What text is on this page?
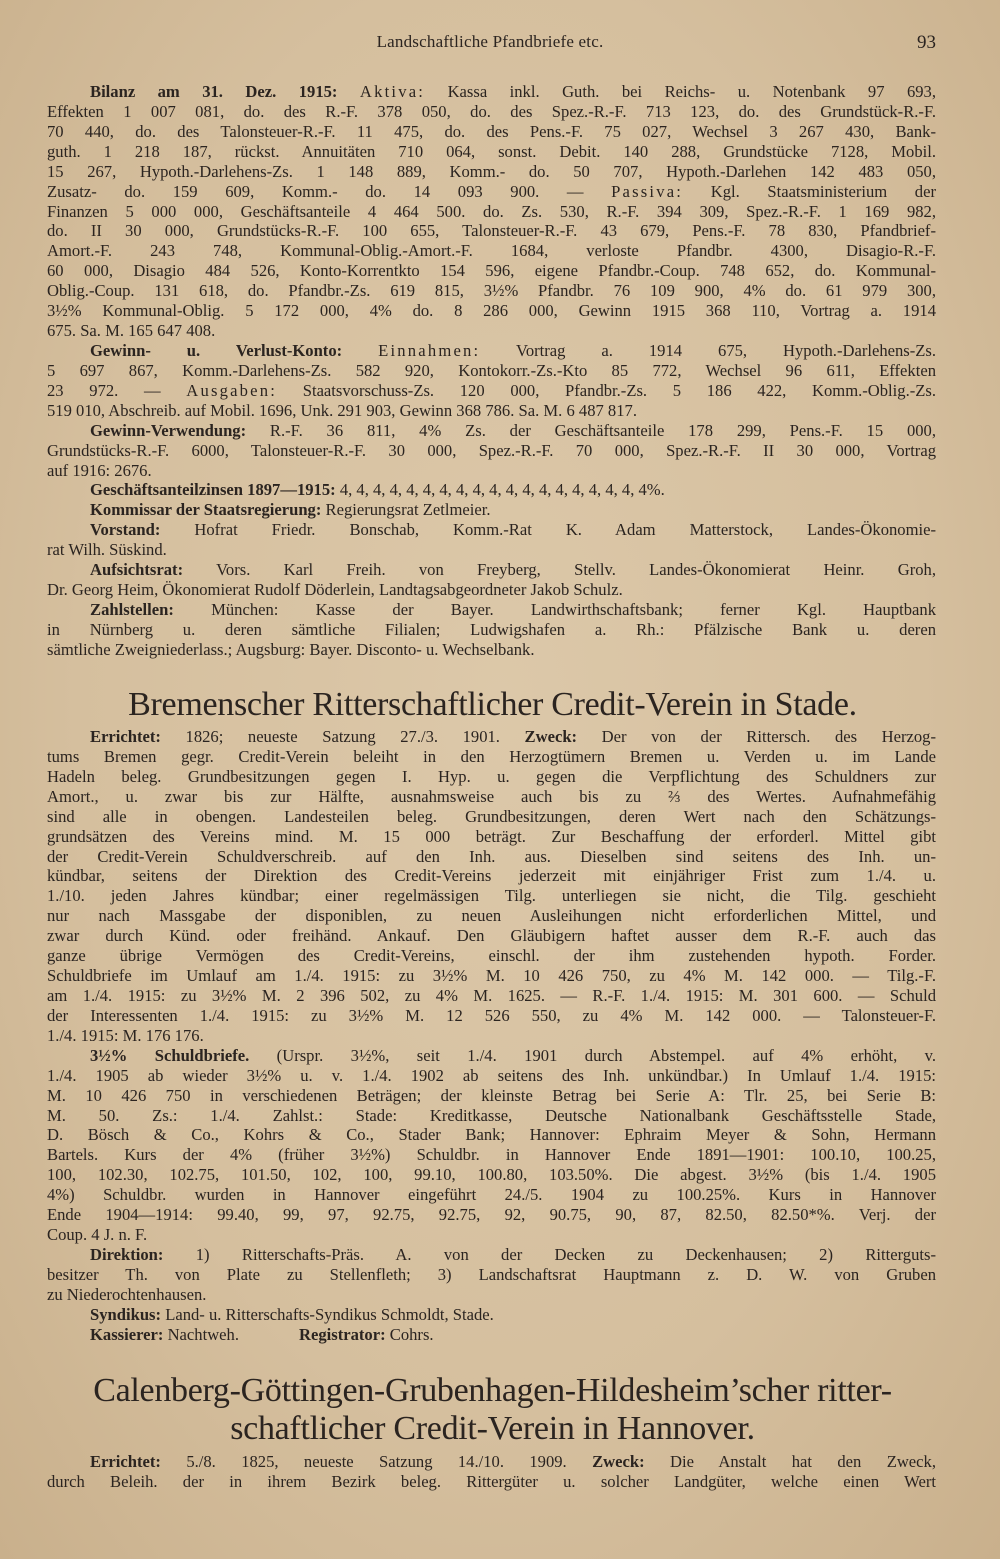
Landschaftliche Pfandbriefe etc.	93
Bilanz am 31. Dez. 1915: Aktiva: Kassa inkl. Guth. bei Reichs- u. Notenbank 97 693,
Effekten 1 007 081, do. des R.-F. 378 050, do. des Spez.-R.-F. 713 123, do. des Grundstück-R.-F.
70 440, do. des Talonsteuer-R.-F. 11 475, do. des Pens.-F. 75 027, Wechsel 3 267 430, Bank-
guth. 1 218 187, rückst. Annuitäten 710 064, sonst. Debit. 140 288, Grundstücke 7128, Mobil.
15 267, Hypoth.-Darlehens-Zs. 1 148 889, Komm.- do. 50 707, Hypoth.-Darlehen 142 483 050,
Zusatz- do. 159 609, Komm.- do. 14 093 900. — Passiva: Kgl. Staatsministerium der
Finanzen 5 000 000, Geschäftsanteile 4 464 500. do. Zs. 530, R.-F. 394 309, Spez.-R.-F. 1 169 982,
do. II 30 000, Grundstücks-R.-F. 100 655, Talonsteuer-R.-F. 43 679, Pens.-F. 78 830, Pfandbrief-
Amort.-F. 243 748, Kommunal-Oblig.-Amort.-F. 1684, verloste Pfandbr. 4300, Disagio-R.-F.
60 000, Disagio 484 526, Konto-Korrentkto 154 596, eigene Pfandbr.-Coup. 748 652, do. Kommunal-
Oblig.-Coup. 131 618, do. Pfandbr.-Zs. 619 815, 3½% Pfandbr. 76 109 900, 4% do. 61 979 300,
3½% Kommunal-Oblig. 5 172 000, 4% do. 8 286 000, Gewinn 1915 368 110, Vortrag a. 1914
675. Sa. M. 165 647 408.
Gewinn- u. Verlust-Konto: Einnahmen: Vortrag a. 1914 675, Hypoth.-Darlehens-Zs.
5 697 867, Komm.-Darlehens-Zs. 582 920, Kontokorr.-Zs.-Kto 85 772, Wechsel 96 611, Effekten
23 972. — Ausgaben: Staatsvorschuss-Zs. 120 000, Pfandbr.-Zs. 5 186 422, Komm.-Oblig.-Zs.
519 010, Abschreib. auf Mobil. 1696, Unk. 291 903, Gewinn 368 786. Sa. M. 6 487 817.
Gewinn-Verwendung: R.-F. 36 811, 4% Zs. der Geschäftsanteile 178 299, Pens.-F. 15 000,
Grundstücks-R.-F. 6000, Talonsteuer-R.-F. 30 000, Spez.-R.-F. 70 000, Spez.-R.-F. II 30 000, Vortrag
auf 1916: 2676.
Geschäftsanteilzinsen 1897—1915: 4, 4, 4, 4, 4, 4, 4, 4, 4, 4, 4, 4, 4, 4, 4, 4, 4, 4, 4%.
Kommissar der Staatsregierung: Regierungsrat Zetlmeier.
Vorstand: Hofrat Friedr. Bonschab, Komm.-Rat K. Adam Matterstock, Landes-Ökonomie-
rat Wilh. Süskind.
Aufsichtsrat: Vors. Karl Freih. von Freyberg, Stellv. Landes-Ökonomierat Heinr. Groh,
Dr. Georg Heim, Ökonomierat Rudolf Döderlein, Landtagsabgeordneter Jakob Schulz.
Zahlstellen: München: Kasse der Bayer. Landwirthschaftsbank; ferner Kgl. Hauptbank
in Nürnberg u. deren sämtliche Filialen; Ludwigshafen a. Rh.: Pfälzische Bank u. deren
sämtliche Zweigniederlass.; Augsburg: Bayer. Disconto- u. Wechselbank.
Bremenscher Ritterschaftlicher Credit-Verein in Stade.
Errichtet: 1826; neueste Satzung 27./3. 1901. Zweck: Der von der Rittersch. des Herzog-
tums Bremen gegr. Credit-Verein beleiht in den Herzogtümern Bremen u. Verden u. im Lande
Hadeln beleg. Grundbesitzungen gegen I. Hyp. u. gegen die Verpflichtung des Schuldners zur
Amort., u. zwar bis zur Hälfte, ausnahmsweise auch bis zu ⅔ des Wertes. Aufnahmefähig
sind alle in obengen. Landesteilen beleg. Grundbesitzungen, deren Wert nach den Schätzungs-
grundsätzen des Vereins mind. M. 15 000 beträgt. Zur Beschaffung der erforderl. Mittel gibt
der Credit-Verein Schuldverschreib. auf den Inh. aus. Dieselben sind seitens des Inh. un-
kündbar, seitens der Direktion des Credit-Vereins jederzeit mit einjähriger Frist zum 1./4. u.
1./10. jeden Jahres kündbar; einer regelmässigen Tilg. unterliegen sie nicht, die Tilg. geschieht
nur nach Massgabe der disponiblen, zu neuen Ausleihungen nicht erforderlichen Mittel, und
zwar durch Künd. oder freihänd. Ankauf. Den Gläubigern haftet ausser dem R.-F. auch das
ganze übrige Vermögen des Credit-Vereins, einschl. der ihm zustehenden hypoth. Forder.
Schuldbriefe im Umlauf am 1./4. 1915: zu 3½% M. 10 426 750, zu 4% M. 142 000. — Tilg.-F.
am 1./4. 1915: zu 3½% M. 2 396 502, zu 4% M. 1625. — R.-F. 1./4. 1915: M. 301 600. — Schuld
der Interessenten 1./4. 1915: zu 3½% M. 12 526 550, zu 4% M. 142 000. — Talonsteuer-F.
1./4. 1915: M. 176 176.
3½% Schuldbriefe. (Urspr. 3½%, seit 1./4. 1901 durch Abstempel. auf 4% erhöht, v.
1./4. 1905 ab wieder 3½% u. v. 1./4. 1902 ab seitens des Inh. unkündbar.) In Umlauf 1./4. 1915:
M. 10 426 750 in verschiedenen Beträgen; der kleinste Betrag bei Serie A: Tlr. 25, bei Serie B:
M. 50. Zs.: 1./4. Zahlst.: Stade: Kreditkasse, Deutsche Nationalbank Geschäftsstelle Stade,
D. Bösch & Co., Kohrs & Co., Stader Bank; Hannover: Ephraim Meyer & Sohn, Hermann
Bartels. Kurs der 4% (früher 3½%) Schuldbr. in Hannover Ende 1891—1901: 100.10, 100.25,
100, 102.30, 102.75, 101.50, 102, 100, 99.10, 100.80, 103.50%. Die abgest. 3½% (bis 1./4. 1905
4%) Schuldbr. wurden in Hannover eingeführt 24./5. 1904 zu 100.25%. Kurs in Hannover
Ende 1904—1914: 99.40, 99, 97, 92.75, 92.75, 92, 90.75, 90, 87, 82.50, 82.50*%. Verj. der
Coup. 4 J. n. F.
Direktion: 1) Ritterschafts-Präs. A. von der Decken zu Deckenhausen; 2) Ritterguts-
besitzer Th. von Plate zu Stellenfleth; 3) Landschaftsrat Hauptmann z. D. W. von Gruben
zu Niederochtenhausen.
Syndikus: Land- u. Ritterschafts-Syndikus Schmoldt, Stade.
Kassierer: Nachtweh.	Registrator: Cohrs.
Calenberg-Göttingen-Grubenhagen-Hildesheim’scher ritter-
schaftlicher Credit-Verein in Hannover.
Errichtet: 5./8. 1825, neueste Satzung 14./10. 1909. Zweck: Die Anstalt hat den Zweck,
durch Beleih. der in ihrem Bezirk beleg. Rittergüter u. solcher Landgüter, welche einen Wert
